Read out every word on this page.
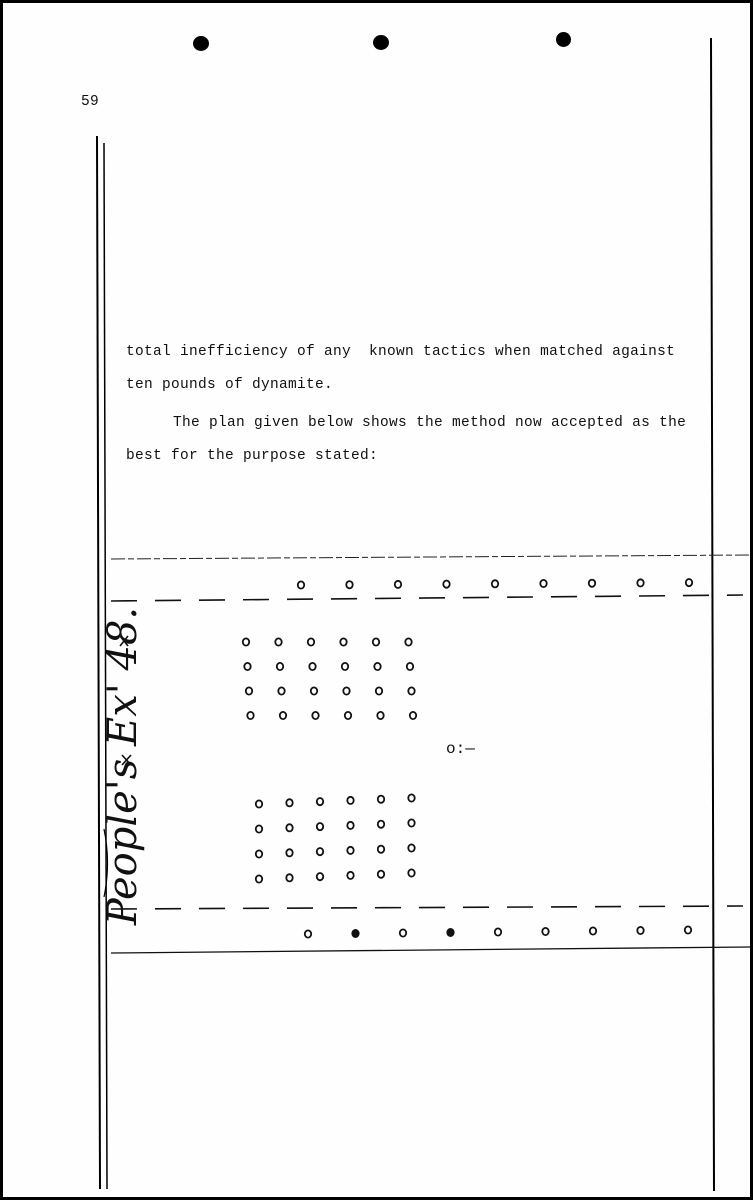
59
total inefficiency of any  known tactics when matched against
ten pounds of dynamite.
The plan given below shows the method now accepted as the
best for the purpose stated:
o:—
People's Ex' 48.
